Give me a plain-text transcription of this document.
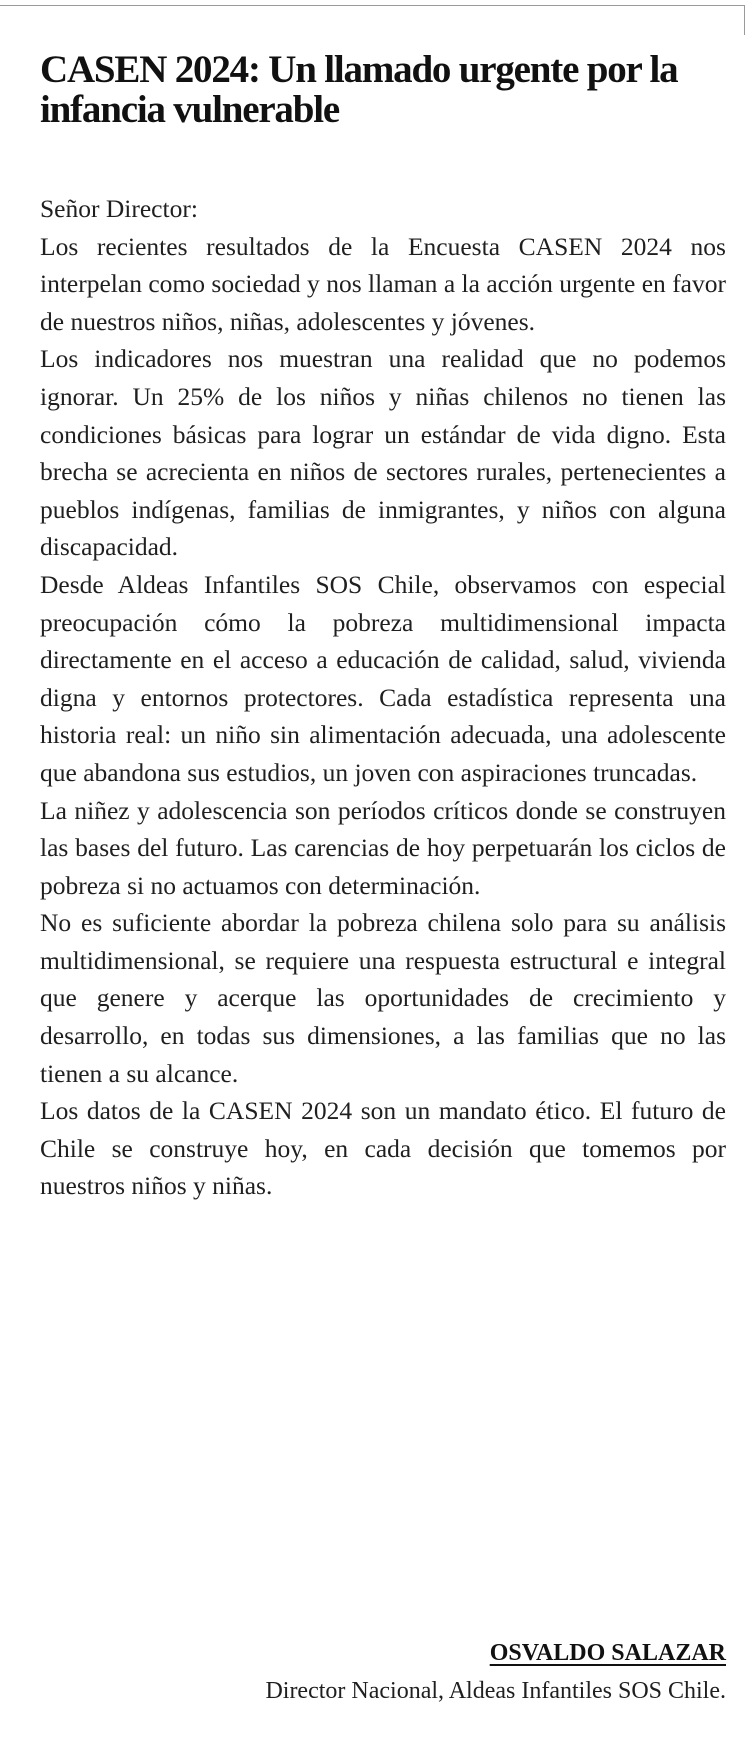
CASEN 2024: Un llamado urgente por la infancia vulnerable

Señor Director:

Los recientes resultados de la Encuesta CASEN 2024 nos interpelan como sociedad y nos llaman a la acción urgente en favor de nuestros niños, niñas, adolescentes y jóvenes.

Los indicadores nos muestran una realidad que no podemos ignorar. Un 25% de los niños y niñas chilenos no tienen las condiciones básicas para lograr un estándar de vida digno. Esta brecha se acrecienta en niños de sectores rurales, pertenecientes a pueblos indígenas, familias de inmigrantes, y niños con alguna discapacidad.

Desde Aldeas Infantiles SOS Chile, observamos con especial preocupación cómo la pobreza multidimensional impacta directamente en el acceso a educación de calidad, salud, vivienda digna y entornos protectores. Cada estadística representa una historia real: un niño sin alimentación adecuada, una adolescente que abandona sus estudios, un joven con aspiraciones truncadas.

La niñez y adolescencia son períodos críticos donde se construyen las bases del futuro. Las carencias de hoy perpetuarán los ciclos de pobreza si no actuamos con determinación.

No es suficiente abordar la pobreza chilena solo para su análisis multidimensional, se requiere una respuesta estructural e integral que genere y acerque las oportunidades de crecimiento y desarrollo, en todas sus dimensiones, a las familias que no las tienen a su alcance.

Los datos de la CASEN 2024 son un mandato ético. El futuro de Chile se construye hoy, en cada decisión que tomemos por nuestros niños y niñas.

OSVALDO SALAZAR
Director Nacional, Aldeas Infantiles SOS Chile.
